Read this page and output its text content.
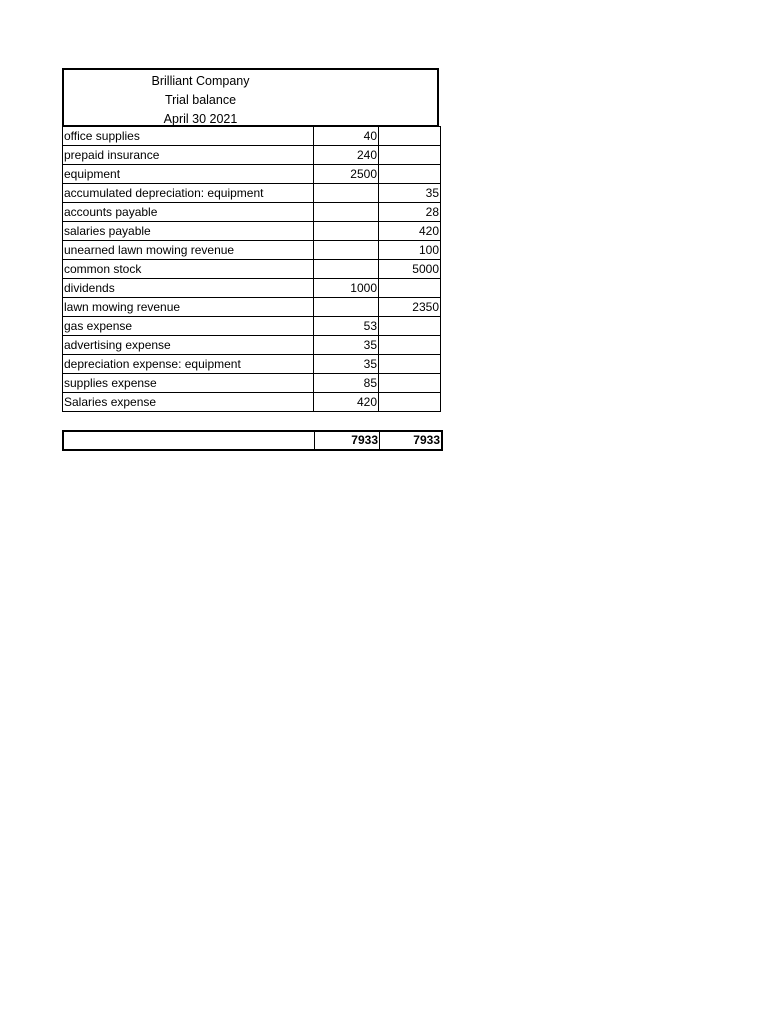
Brilliant Company
Trial balance
April 30 2021
office supplies	40	
prepaid insurance	240	
equipment	2500	
accumulated depreciation: equipment		35
accounts payable		28
salaries payable		420
unearned lawn mowing revenue		100
common stock		5000
dividends	1000	
lawn mowing revenue		2350
gas expense	53	
advertising expense	35	
depreciation expense: equipment	35	
supplies expense	85	
Salaries expense	420	
	7933	7933
